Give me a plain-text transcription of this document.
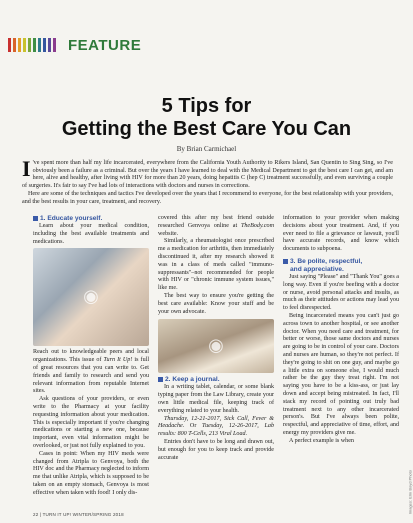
FEATURE
5 Tips for
Getting the Best Care You Can
By Brian Carmichael

I 've spent more than half my life incarcerated, everywhere from the California Youth Authority to Rikers Island, San Quentin to Sing Sing, so I've obviously been a failure as a criminal. But over the years I have learned to deal with the Medical Department to get the best care I can get, and am here, alive and healthy, after living with HIV for more than 20 years, doing hepatitis C (hep C) treatment successfully, and even surviving a couple of surgeries. It's fair to say I've had lots of interactions with doctors and nurses in corrections.

Here are some of the techniques and tactics I've developed over the years that I recommend to everyone, for the best relationship with your providers, and the best results in your care, treatment, and recovery.

1. Educate yourself.

Learn about your medical condition, including the best available treatments and medications.

◉

Reach out to knowledgeable peers and local organizations. This issue of Turn It Up! is full of great resources that you can write to. Get friends and family to research and send you relevant information from reputable Internet sites.

Ask questions of your providers, or even write to the Pharmacy at your facility requesting information about your medication. This is especially important if you're changing medications or starting a new one, because important, even vital information might be overlooked, or just not fully explained to you.

Cases in point: When my HIV meds were changed from Atripla to Genvoya, both the HIV doc and the Pharmacy neglected to inform me that unlike Atripla, which is supposed to be taken on an empty stomach, Genvoya is most effective when taken with food! I only dis-

covered this after my best friend outside researched Genvoya online at TheBody.com website.

Similarly, a rheumatologist once prescribed me a medication for arthritis, then immediately discontinued it, after my research showed it was in a class of meds called "immuno-suppressants"–not recommended for people with HIV or "chronic immune system issues," like me.

The best way to ensure you're getting the best care available: Know your stuff and be your own advocate.

◉

2. Keep a journal.

In a writing tablet, calendar, or some blank typing paper from the Law Library, create your own little medical file, keeping track of everything related to your health.

Thursday, 12-21-2017, Sick Call, Fever & Headache. Or Tuesday, 12-26-2017, Lab results: 800 T-Cells, 213 Viral Load.

Entries don't have to be long and drawn out, but enough for you to keep track and provide accurate

information to your provider when making decisions about your treatment. And, if you ever need to file a grievance or lawsuit, you'll have accurate records, and know which documents to subpoena.

3. Be polite, respectful,
and appreciative.

Just saying "Please" and "Thank You" goes a long way. Even if you're beefing with a doctor or nurse, avoid personal attacks and insults, as much as their attitudes or actions may lead you to feel disrespected.

Being incarcerated means you can't just go across town to another hospital, or see another doctor. When you need care and treatment, for better or worse, those same doctors and nurses are going to be in control of your care. Doctors and nurses are human, so they're not perfect. If they're going to shit on one guy, and maybe go a little extra on someone else, I would much rather be the guy they treat right. I'm not saying you have to be a kiss-ass, or just lay down and accept being mistreated. In fact, I'll stack my record of pointing out truly bad treatment next to any other incarcerated person's. But I've always been polite, respectful, and appreciative of time, effort, and energy my providers give me.

A perfect example is when

22 | TURN IT UP! WINTER/SPRING 2018
Images: Erin Boyd Photo
